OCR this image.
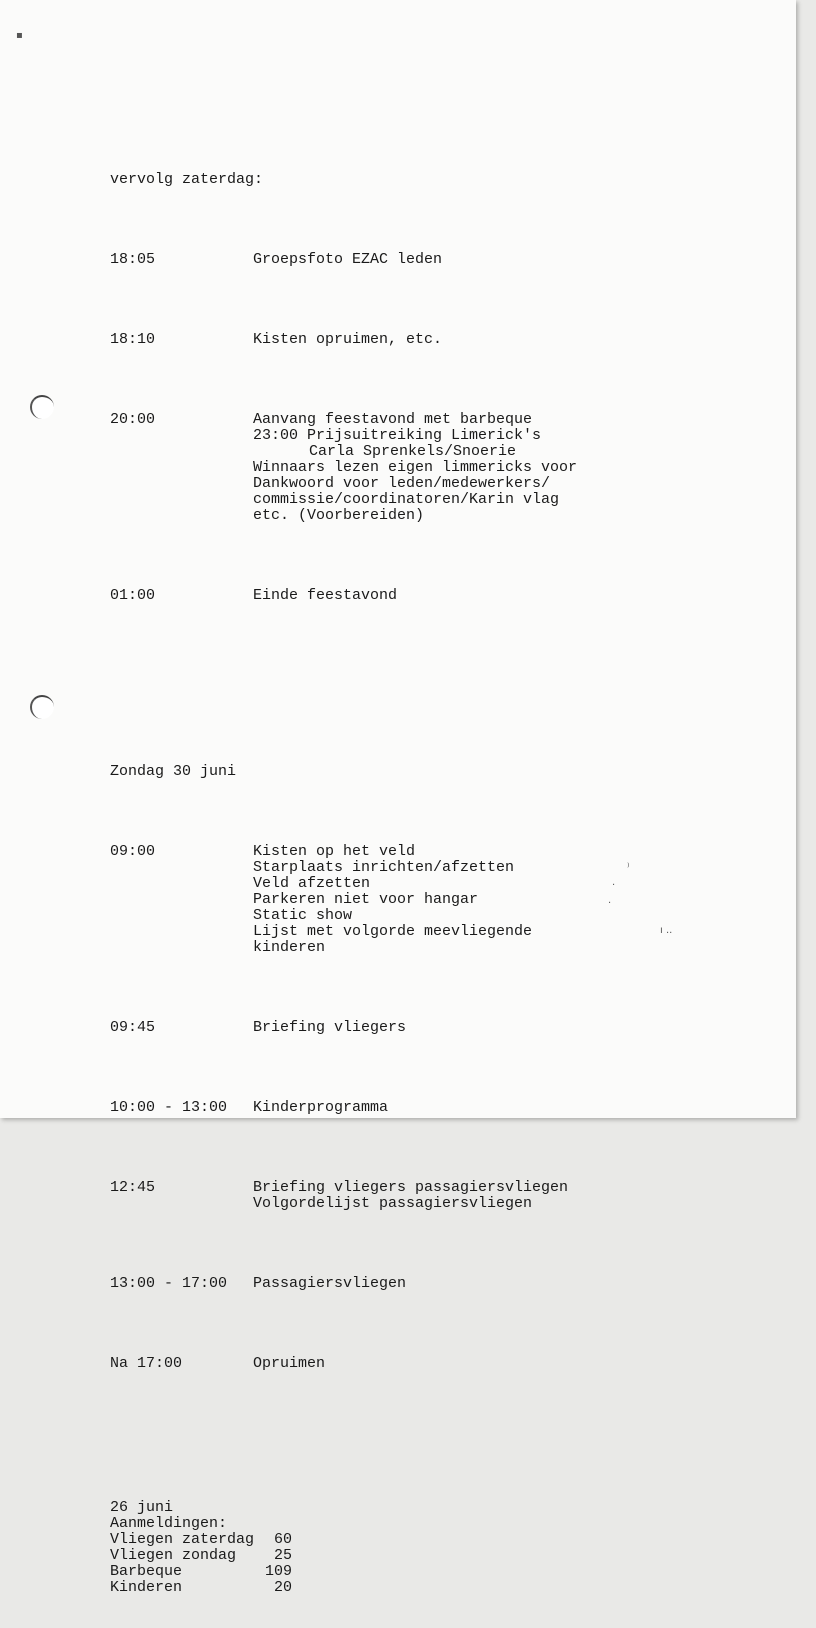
▪
⁾
·
·
ı ..

vervolg zaterdag:

18:05	Groepsfoto EZAC leden

18:10	Kisten opruimen, etc.

20:00	Aanvang feestavond met barbeque
23:00 Prijsuitreiking Limerick's
Carla Sprenkels/Snoerie
Winnaars lezen eigen limmericks voor
Dankwoord voor leden/medewerkers/
commissie/coordinatoren/Karin vlag
etc. (Voorbereiden)

01:00	Einde feestavond

Zondag 30 juni

09:00	Kisten op het veld
Starplaats inrichten/afzetten
Veld afzetten
Parkeren niet voor hangar
Static show
Lijst met volgorde meevliegende
kinderen

09:45	Briefing vliegers

10:00 - 13:00	Kinderprogramma

12:45	Briefing vliegers passagiersvliegen
Volgordelijst passagiersvliegen

13:00 - 17:00	Passagiersvliegen

Na 17:00	Opruimen

26 juni
Aanmeldingen:
Vliegen zaterdag	60
Vliegen zondag	25
Barbeque	109
Kinderen	20
